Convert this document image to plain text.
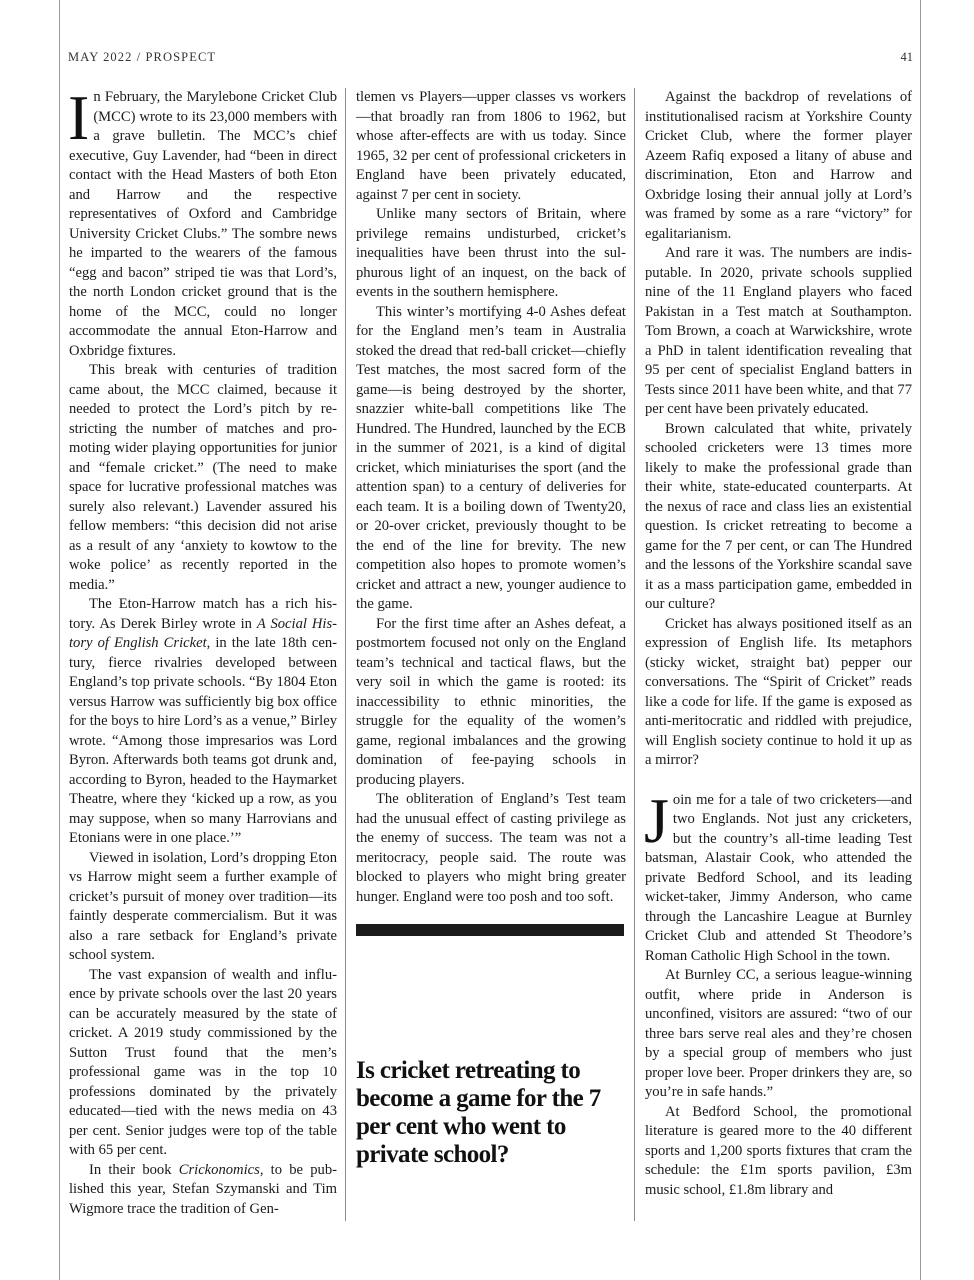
MAY 2022 / PROSPECT	41

In February, the Marylebone Cricket Club (MCC) wrote to its 23,000 members with a grave bulletin. The MCC’s chief executive, Guy Lavender, had “been in direct contact with the Head Masters of both Eton and Harrow and the respective representatives of Oxford and Cambridge University Cricket Clubs.” The sombre news he imparted to the wearers of the famous “egg and bacon” striped tie was that Lord’s, the north London cricket ground that is the home of the MCC, could no longer accommodate the annual Eton-Harrow and Oxbridge fixtures.

This break with centuries of tradition came about, the MCC claimed, because it needed to protect the Lord’s pitch by restricting the number of matches and promoting wider playing opportunities for junior and “female cricket.” (The need to make space for lucrative professional matches was surely also relevant.) Lavender assured his fellow members: “this decision did not arise as a result of any ‘anxiety to kowtow to the woke police’ as recently reported in the media.”

The Eton-Harrow match has a rich history. As Derek Birley wrote in A Social History of English Cricket, in the late 18th century, fierce rivalries developed between England’s top private schools. “By 1804 Eton versus Harrow was sufficiently big box office for the boys to hire Lord’s as a venue,” Birley wrote. “Among those impresarios was Lord Byron. Afterwards both teams got drunk and, according to Byron, headed to the Haymarket Theatre, where they ‘kicked up a row, as you may suppose, when so many Harrovians and Etonians were in one place.’”

Viewed in isolation, Lord’s dropping Eton vs Harrow might seem a further example of cricket’s pursuit of money over tradition—its faintly desperate commercialism. But it was also a rare setback for England’s private school system.

The vast expansion of wealth and influence by private schools over the last 20 years can be accurately measured by the state of cricket. A 2019 study commissioned by the Sutton Trust found that the men’s professional game was in the top 10 professions dominated by the privately educated—tied with the news media on 43 per cent. Senior judges were top of the table with 65 per cent.

In their book Crickonomics, to be published this year, Stefan Szymanski and Tim Wigmore trace the tradition of Gen-

tlemen vs Players—upper classes vs workers—that broadly ran from 1806 to 1962, but whose after-effects are with us today. Since 1965, 32 per cent of professional cricketers in England have been privately educated, against 7 per cent in society.

Unlike many sectors of Britain, where privilege remains undisturbed, cricket’s inequalities have been thrust into the sulphurous light of an inquest, on the back of events in the southern hemisphere.

This winter’s mortifying 4-0 Ashes defeat for the England men’s team in Australia stoked the dread that red-ball cricket—chiefly Test matches, the most sacred form of the game—is being destroyed by the shorter, snazzier white-ball competitions like The Hundred. The Hundred, launched by the ECB in the summer of 2021, is a kind of digital cricket, which miniaturises the sport (and the attention span) to a century of deliveries for each team. It is a boiling down of Twenty20, or 20-over cricket, previously thought to be the end of the line for brevity. The new competition also hopes to promote women’s cricket and attract a new, younger audience to the game.

For the first time after an Ashes defeat, a postmortem focused not only on the England team’s technical and tactical flaws, but the very soil in which the game is rooted: its inaccessibility to ethnic minorities, the struggle for the equality of the women’s game, regional imbalances and the growing domination of fee-paying schools in producing players.

The obliteration of England’s Test team had the unusual effect of casting privilege as the enemy of success. The team was not a meritocracy, people said. The route was blocked to players who might bring greater hunger. England were too posh and too soft.

Is cricket retreating to become a game for the 7 per cent who went to private school?

Against the backdrop of revelations of institutionalised racism at Yorkshire County Cricket Club, where the former player Azeem Rafiq exposed a litany of abuse and discrimination, Eton and Harrow and Oxbridge losing their annual jolly at Lord’s was framed by some as a rare “victory” for egalitarianism.

And rare it was. The numbers are indisputable. In 2020, private schools supplied nine of the 11 England players who faced Pakistan in a Test match at Southampton. Tom Brown, a coach at Warwickshire, wrote a PhD in talent identification revealing that 95 per cent of specialist England batters in Tests since 2011 have been white, and that 77 per cent have been privately educated.

Brown calculated that white, privately schooled cricketers were 13 times more likely to make the professional grade than their white, state-educated counterparts. At the nexus of race and class lies an existential question. Is cricket retreating to become a game for the 7 per cent, or can The Hundred and the lessons of the Yorkshire scandal save it as a mass participation game, embedded in our culture?

Cricket has always positioned itself as an expression of English life. Its metaphors (sticky wicket, straight bat) pepper our conversations. The “Spirit of Cricket” reads like a code for life. If the game is exposed as anti-meritocratic and riddled with prejudice, will English society continue to hold it up as a mirror?

Join me for a tale of two cricketers—and two Englands. Not just any cricketers, but the country’s all-time leading Test batsman, Alastair Cook, who attended the private Bedford School, and its leading wicket-taker, Jimmy Anderson, who came through the Lancashire League at Burnley Cricket Club and attended St Theodore’s Roman Catholic High School in the town.

At Burnley CC, a serious league-winning outfit, where pride in Anderson is unconfined, visitors are assured: “two of our three bars serve real ales and they’re chosen by a special group of members who just proper love beer. Proper drinkers they are, so you’re in safe hands.”

At Bedford School, the promotional literature is geared more to the 40 different sports and 1,200 sports fixtures that cram the schedule: the £1m sports pavilion, £3m music school, £1.8m library and
